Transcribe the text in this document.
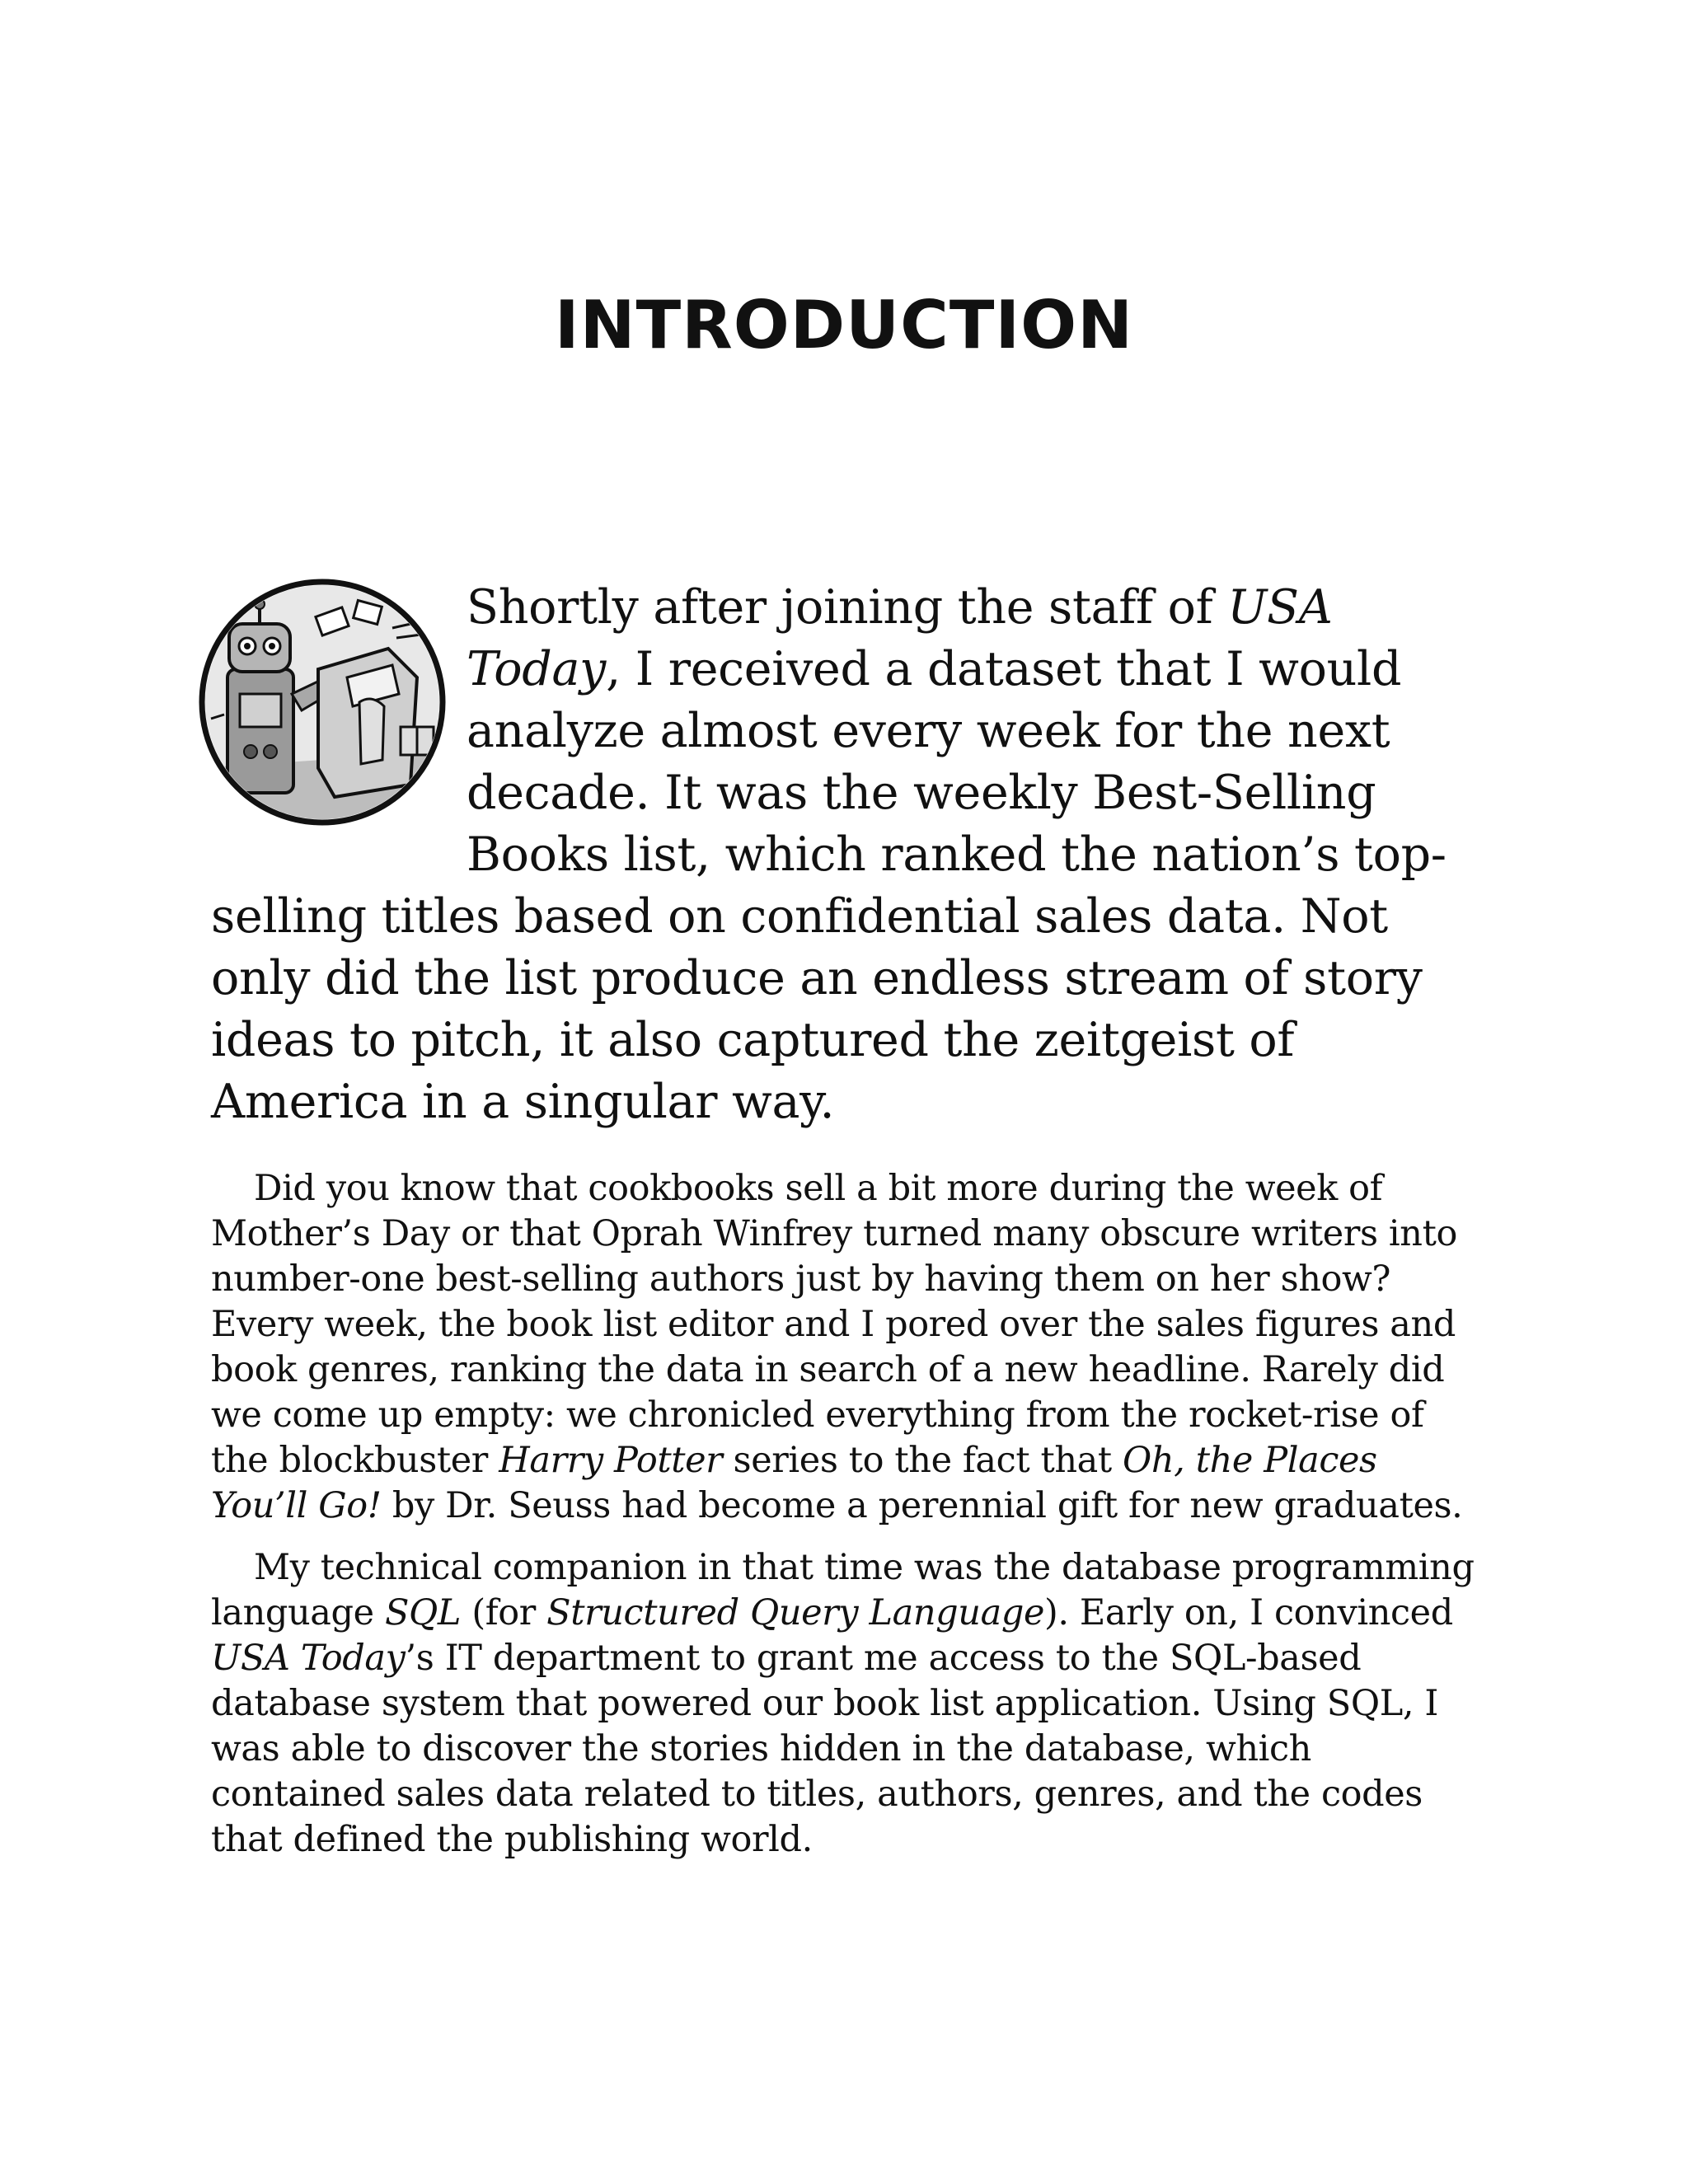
INTRODUCTION

Shortly after joining the staff of USA Today, I received a dataset that I would analyze almost every week for the next decade. It was the weekly Best-Selling Books list, which ranked the nation’s top-selling titles based on confidential sales data. Not only did the list produce an endless stream of story ideas to pitch, it also captured the zeitgeist of America in a singular way.

Did you know that cookbooks sell a bit more during the week of Mother’s Day or that Oprah Winfrey turned many obscure writers into number-one best-selling authors just by having them on her show? Every week, the book list editor and I pored over the sales figures and book genres, ranking the data in search of a new headline. Rarely did we come up empty: we chronicled everything from the rocket-rise of the blockbuster Harry Potter series to the fact that Oh, the Places You’ll Go! by Dr. Seuss had become a perennial gift for new graduates.

My technical companion in that time was the database programming language SQL (for Structured Query Language). Early on, I convinced USA Today’s IT department to grant me access to the SQL-based database system that powered our book list application. Using SQL, I was able to discover the stories hidden in the database, which contained sales data related to titles, authors, genres, and the codes that defined the publishing world.
